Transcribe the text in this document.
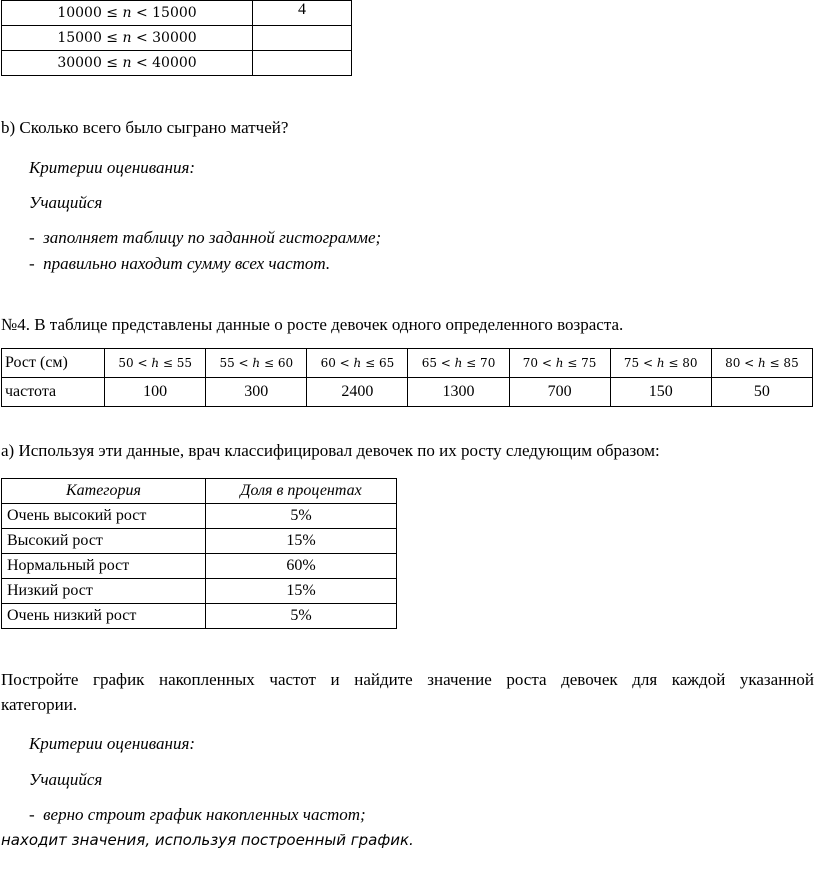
10000 ≤ 𝑛 < 15000	4
15000 ≤ 𝑛 < 30000	
30000 ≤ 𝑛 < 40000	
b) Сколько всего было сыграно матчей?
Критерии оценивания:
Учащийся
- заполняет таблицу по заданной гистограмме;
- правильно находит сумму всех частот.
№4. В таблице представлены данные о росте девочек одного определенного возраста.
Рост (см)	50 < ℎ ≤ 55	55 < ℎ ≤ 60	60 < ℎ ≤ 65	65 < ℎ ≤ 70	70 < ℎ ≤ 75	75 < ℎ ≤ 80	80 < ℎ ≤ 85
частота	100	300	2400	1300	700	150	50
а) Используя эти данные, врач классифицировал девочек по их росту следующим образом:
Категория	Доля в процентах
Очень высокий рост	5%
Высокий рост	15%
Нормальный рост	60%
Низкий рост	15%
Очень низкий рост	5%
Постройте график накопленных частот и найдите значение роста девочек для каждой указанной
категории.
Критерии оценивания:
Учащийся
- верно строит график накопленных частот;
находит значения, используя построенный график.
